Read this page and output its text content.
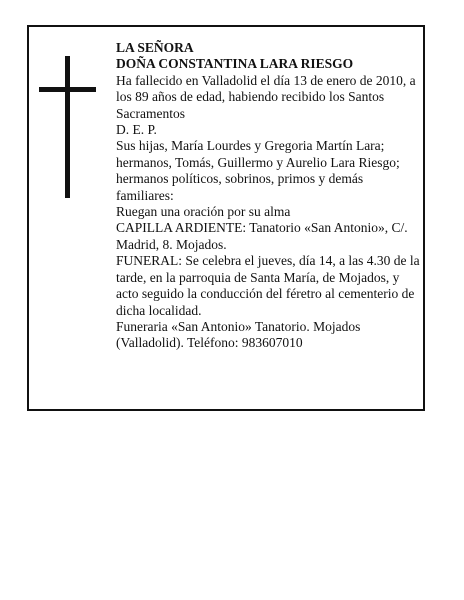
LA SEÑORA

DOÑA CONSTANTINA LARA RIESGO

Ha fallecido en Valladolid el día 13 de enero de 2010, a los 89 años de edad, habiendo recibido los Santos Sacramentos

D. E. P.

Sus hijas, María Lourdes y Gregoria Martín Lara; hermanos, Tomás, Guillermo y Aurelio Lara Riesgo; hermanos políticos, sobrinos, primos y demás familiares:

Ruegan una oración por su alma

CAPILLA ARDIENTE: Tanatorio «San Antonio», C/. Madrid, 8. Mojados.

FUNERAL: Se celebra el jueves, día 14, a las 4.30 de la tarde, en la parroquia de Santa María, de Mojados, y acto seguido la conducción del féretro al cementerio de dicha localidad.

Funeraria «San Antonio» Tanatorio. Mojados (Valladolid). Teléfono: 983607010
